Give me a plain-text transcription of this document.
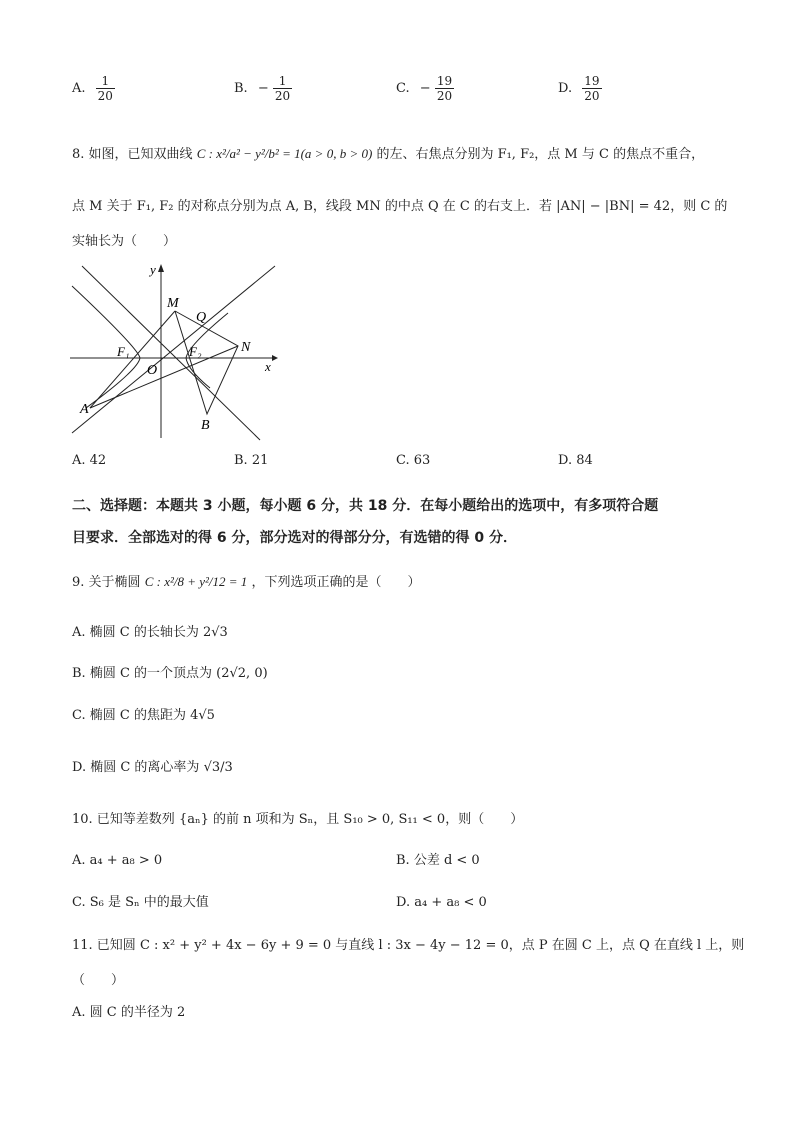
A. $\frac{1}{20}$	B. − $\frac{1}{20}$	C. − $\frac{19}{20}$	D. $\frac{19}{20}$
8. 如图，已知双曲线 C : x²/a² − y²/b² = 1(a > 0, b > 0) 的左、右焦点分别为 F₁, F₂，点 M 与 C 的焦点不重合，
点 M 关于 F₁, F₂ 的对称点分别为点 A, B，线段 MN 的中点 Q 在 C 的右支上．若 |AN| − |BN| = 42，则 C 的
实轴长为（　　）
y
x
M
Q
F₁	F₂
O
N
A
B
A. 42	B. 21	C. 63	D. 84
二、选择题：本题共 3 小题，每小题 6 分，共 18 分．在每小题给出的选项中，有多项符合题
目要求．全部选对的得 6 分，部分选对的得部分分，有选错的得 0 分．
9. 关于椭圆 C : x²/8 + y²/12 = 1 ，下列选项正确的是（　　）
A. 椭圆 C 的长轴长为 2√3
B. 椭圆 C 的一个顶点为 (2√2, 0)
C. 椭圆 C 的焦距为 4√5
D. 椭圆 C 的离心率为 √3/3
10. 已知等差数列 {aₙ} 的前 n 项和为 Sₙ，且 S₁₀ > 0, S₁₁ < 0，则（　　）
A. a₄ + a₈ > 0	B. 公差 d < 0
C. S₆ 是 Sₙ 中的最大值	D. a₄ + a₈ < 0
11. 已知圆 C : x² + y² + 4x − 6y + 9 = 0 与直线 l : 3x − 4y − 12 = 0，点 P 在圆 C 上，点 Q 在直线 l 上，则
（　　）
A. 圆 C 的半径为 2
